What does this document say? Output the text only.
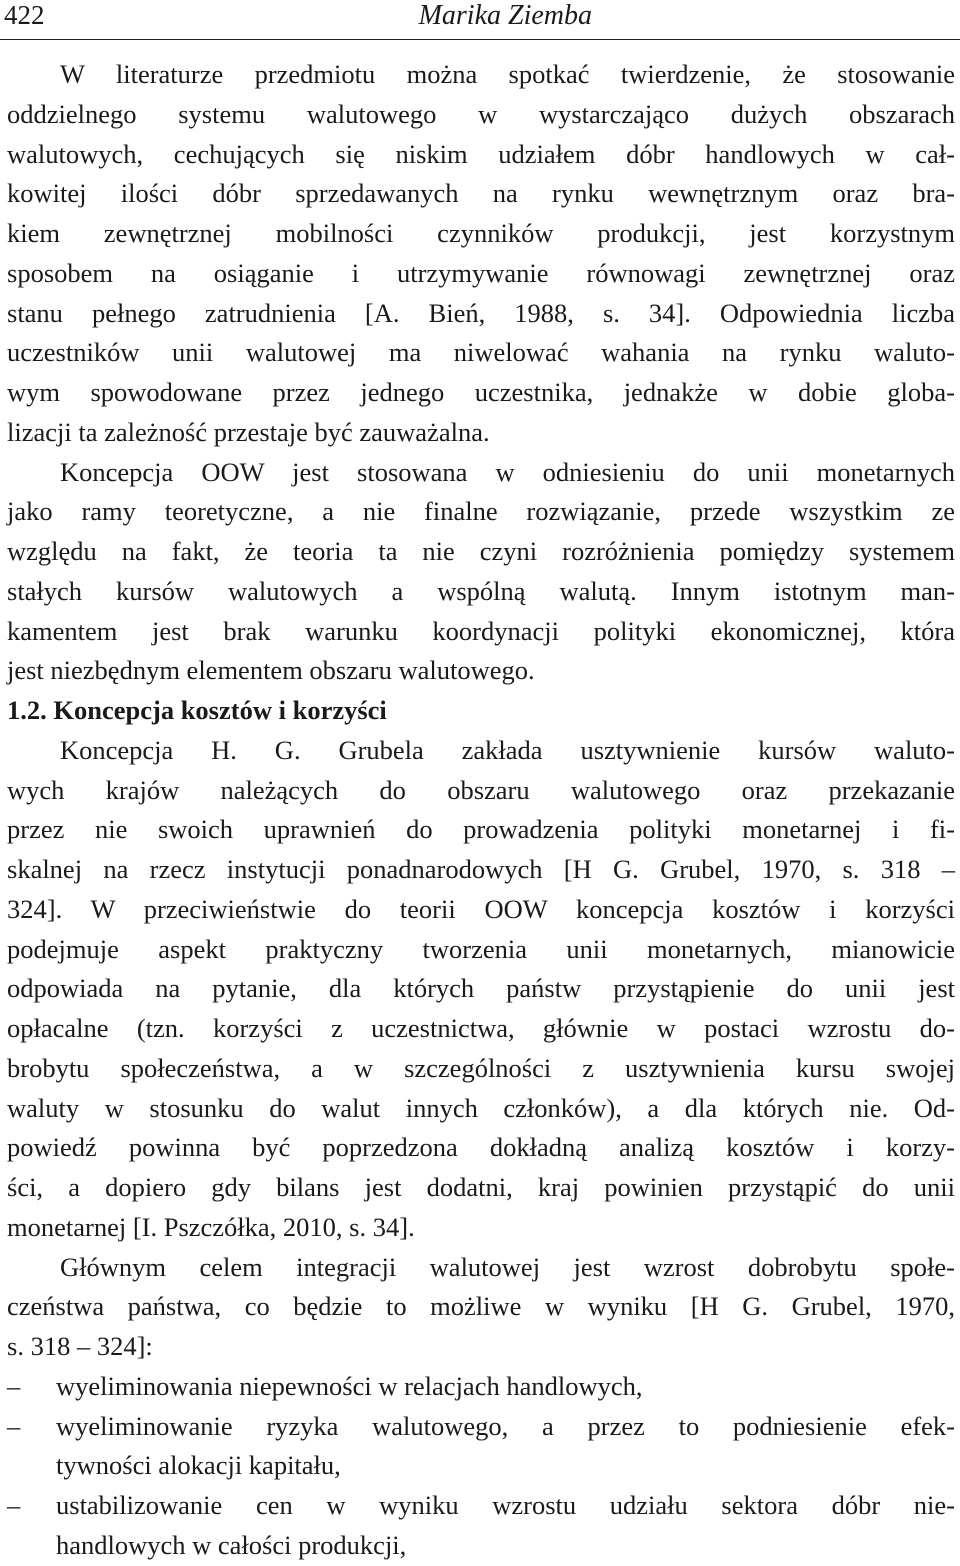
422	Marika Ziemba
W literaturze przedmiotu można spotkać twierdzenie, że stosowanie
oddzielnego systemu walutowego w wystarczająco dużych obszarach
walutowych, cechujących się niskim udziałem dóbr handlowych w cał-
kowitej ilości dóbr sprzedawanych na rynku wewnętrznym oraz bra-
kiem zewnętrznej mobilności czynników produkcji, jest korzystnym
sposobem na osiąganie i utrzymywanie równowagi zewnętrznej oraz
stanu pełnego zatrudnienia [A. Bień, 1988, s. 34]. Odpowiednia liczba
uczestników unii walutowej ma niwelować wahania na rynku waluto-
wym spowodowane przez jednego uczestnika, jednakże w dobie globa-
lizacji ta zależność przestaje być zauważalna.
Koncepcja OOW jest stosowana w odniesieniu do unii monetarnych
jako ramy teoretyczne, a nie finalne rozwiązanie, przede wszystkim ze
względu na fakt, że teoria ta nie czyni rozróżnienia pomiędzy systemem
stałych kursów walutowych a wspólną walutą. Innym istotnym man-
kamentem jest brak warunku koordynacji polityki ekonomicznej, która
jest niezbędnym elementem obszaru walutowego.
1.2. Koncepcja kosztów i korzyści
Koncepcja H. G. Grubela zakłada usztywnienie kursów waluto-
wych krajów należących do obszaru walutowego oraz przekazanie
przez nie swoich uprawnień do prowadzenia polityki monetarnej i fi-
skalnej na rzecz instytucji ponadnarodowych [H G. Grubel, 1970, s. 318 –
324]. W przeciwieństwie do teorii OOW koncepcja kosztów i korzyści
podejmuje aspekt praktyczny tworzenia unii monetarnych, mianowicie
odpowiada na pytanie, dla których państw przystąpienie do unii jest
opłacalne (tzn. korzyści z uczestnictwa, głównie w postaci wzrostu do-
brobytu społeczeństwa, a w szczególności z usztywnienia kursu swojej
waluty w stosunku do walut innych członków), a dla których nie. Od-
powiedź powinna być poprzedzona dokładną analizą kosztów i korzy-
ści, a dopiero gdy bilans jest dodatni, kraj powinien przystąpić do unii
monetarnej [I. Pszczółka, 2010, s. 34].
Głównym celem integracji walutowej jest wzrost dobrobytu społe-
czeństwa państwa, co będzie to możliwe w wyniku [H G. Grubel, 1970,
s. 318 – 324]:
–	wyeliminowania niepewności w relacjach handlowych,
–	wyeliminowanie ryzyka walutowego, a przez to podniesienie efek-
tywności alokacji kapitału,
–	ustabilizowanie cen w wyniku wzrostu udziału sektora dóbr nie-
handlowych w całości produkcji,
